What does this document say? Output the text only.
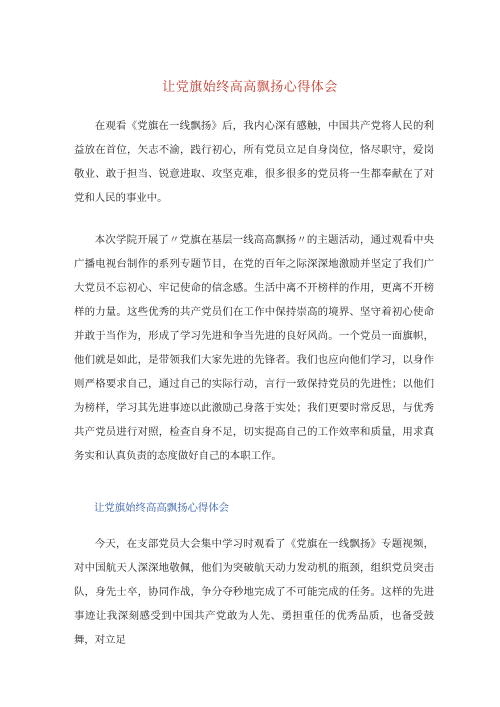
让党旗始终高高飘扬心得体会

在观看《党旗在一线飘扬》后，我内心深有感触，中国共产党将人民的利益放在首位，矢志不渝，践行初心，所有党员立足自身岗位，恪尽职守，爱岗敬业、敢于担当、锐意进取、攻坚克难，很多很多的党员将一生都奉献在了对党和人民的事业中。

本次学院开展了〃党旗在基层一线高高飘扬〃的主题活动，通过观看中央广播电视台制作的系列专题节目，在党的百年之际深深地激励并坚定了我们广大党员不忘初心、牢记使命的信念感。生活中离不开榜样的作用，更离不开榜样的力量。这些优秀的共产党员们在工作中保持崇高的境界、坚守着初心使命并敢于当作为，形成了学习先进和争当先进的良好风尚。一个党员一面旗帜，他们就是如此，是带领我们大家先进的先锋者。我们也应向他们学习，以身作则严格要求自己，通过自己的实际行动，言行一致保持党员的先进性；以他们为榜样，学习其先进事迹以此激励己身落于实处；我们更要时常反思，与优秀共产党员进行对照，检查自身不足，切实提高自己的工作效率和质量，用求真务实和认真负责的态度做好自己的本职工作。

让党旗始终高高飘扬心得体会

今天，在支部党员大会集中学习时观看了《党旗在一线飘扬》专题视频，对中国航天人深深地敬佩，他们为突破航天动力发动机的瓶颈，组织党员突击队，身先士卒，协同作战，争分夺秒地完成了不可能完成的任务。这样的先进事迹让我深刻感受到中国共产党敢为人先、勇担重任的优秀品质，也备受鼓舞，对立足
